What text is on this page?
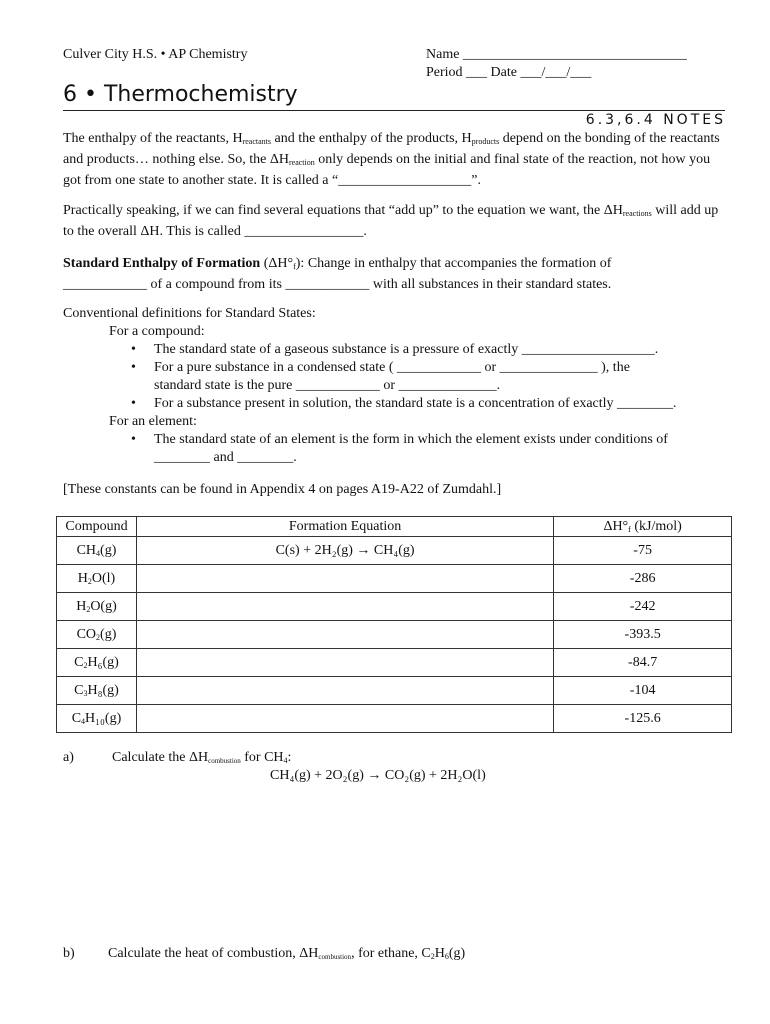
Culver City H.S. • AP Chemistry	Name ________________________________
Period ___ Date ___/___/___
6 • Thermochemistry
6.3,6.4 NOTES
The enthalpy of the reactants, $H_{reactants}$ and the enthalpy of the products, $H_{products}$ depend on the bonding of the reactants and products… nothing else. So, the $\Delta H_{reaction}$ only depends on the initial and final state of the reaction, not how you got from one state to another state. It is called a “___________________”.
Practically speaking, if we can find several equations that “add up” to the equation we want, the $\Delta H_{reactions}$ will add up to the overall ΔH. This is called _________________.
Standard Enthalpy of Formation $(\Delta H^\circ_f)$: Change in enthalpy that accompanies the formation of
____________ of a compound from its ____________ with all substances in their standard states.
Conventional definitions for Standard States:
For a compound:
• The standard state of a gaseous substance is a pressure of exactly ___________________.
• For a pure substance in a condensed state ( ____________ or ______________ ), the
standard state is the pure ____________ or ______________.
• For a substance present in solution, the standard state is a concentration of exactly ________.
For an element:
• The standard state of an element is the form in which the element exists under conditions of
________ and ________.
[These constants can be found in Appendix 4 on pages A19-A22 of Zumdahl.]
Compound	Formation Equation	$\Delta H^\circ_f$ (kJ/mol)
$CH_4(g)$	C(s) + 2H₂(g) → CH₄(g)	-75
$H_2O(l)$		-286
$H_2O(g)$		-242
$CO_2(g)$		-393.5
$C_2H_6(g)$		-84.7
$C_3H_8(g)$		-104
$C_4H_{10}(g)$		-125.6
a)	Calculate the $\Delta H_{combustion}$ for $CH_4$:
CH₄(g) + 2O₂(g) → CO₂(g) + 2H₂O(l)
b) Calculate the heat of combustion, $\Delta H_{combustion}$, for ethane, $C_2H_6(g)$
